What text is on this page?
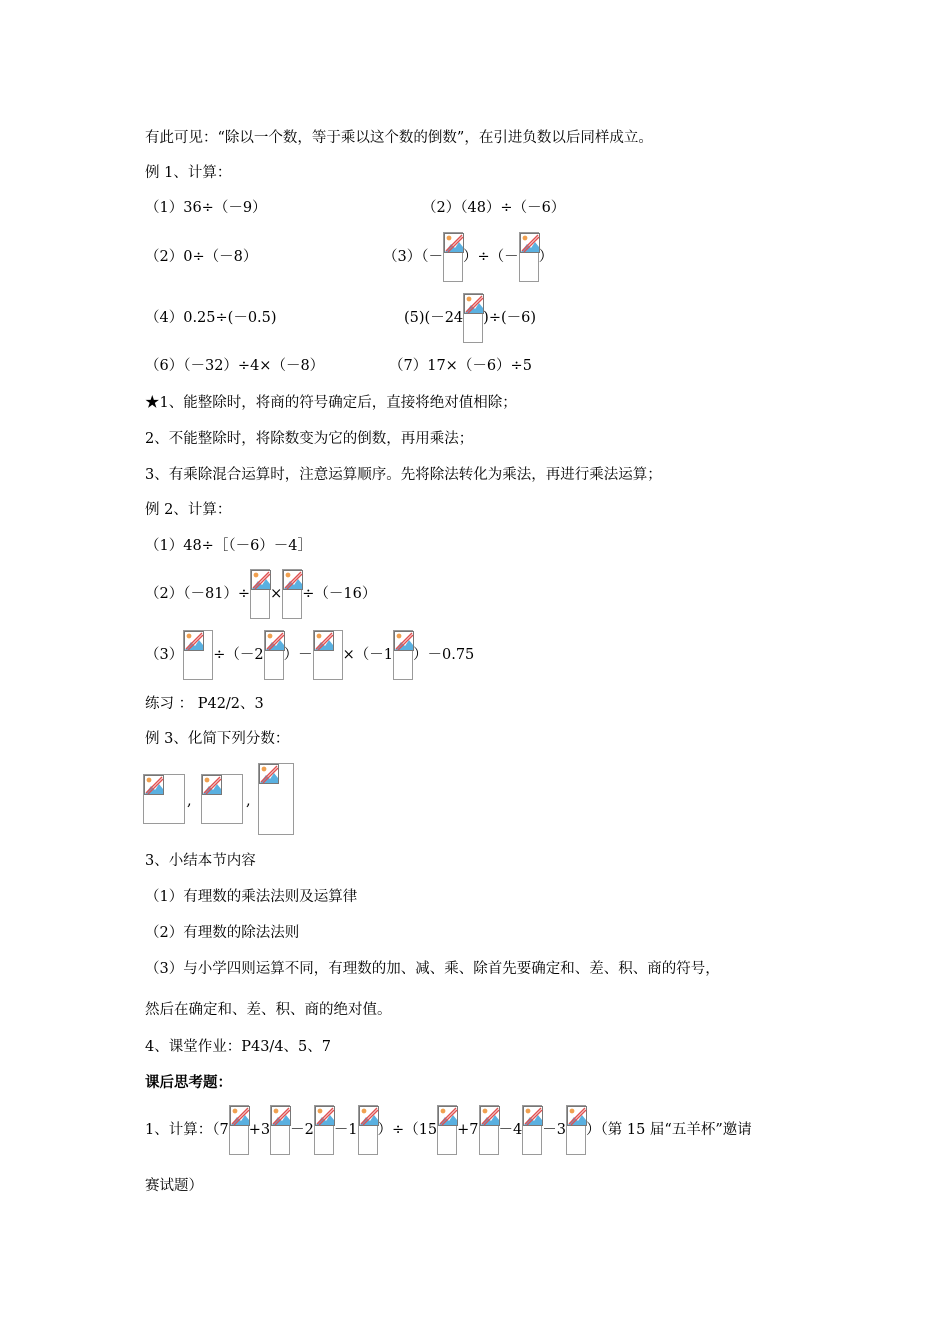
有此可见：“除以一个数，等于乘以这个数的倒数”，在引进负数以后同样成立。
例 1、计算：
（1）36÷（－9）	（2）（48）÷（－6）
（2）0÷（－8）	（3）（－ ）÷（－ ）
（4）0.25÷(－0.5)	(5)(－24 )÷(－6)
（6）（－32）÷4×（－8）	（7）17×（－6）÷5
★1、能整除时，将商的符号确定后，直接将绝对值相除；
2、不能整除时，将除数变为它的倒数，再用乘法；
3、有乘除混合运算时，注意运算顺序。先将除法转化为乘法，再进行乘法运算；
例 2、计算：
（1）48÷［（－6）－4］
（2）（－81）÷ × ÷（－16）
（3） ÷（－2 ）－ ×（－1 ）－0.75
练习 ： P42/2、3
例 3、化简下列分数：
,	,
3、小结本节内容
（1）有理数的乘法法则及运算律
（2）有理数的除法法则
（3）与小学四则运算不同，有理数的加、减、乘、除首先要确定和、差、积、商的符号，
然后在确定和、差、积、商的绝对值。
4、课堂作业：P43/4、5、7
课后思考题：
1、计算：（7 +3 －2 －1 ）÷（15 +7 －4 －3 ）（第 15 届“五羊杯”邀请
赛试题）
